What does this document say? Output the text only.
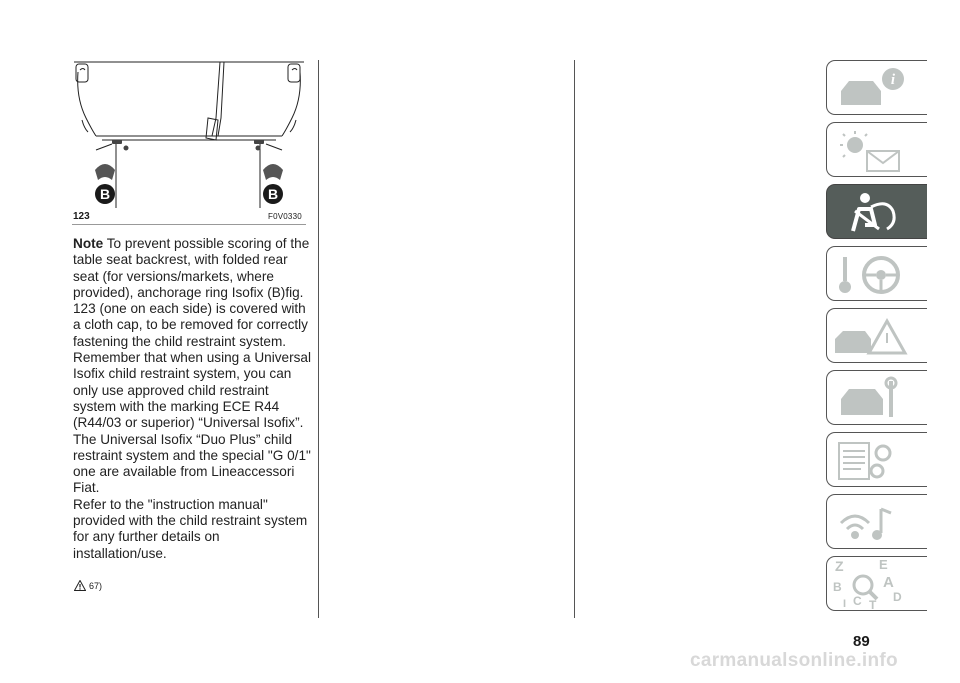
B	B
123	F0V0330

Note To prevent possible scoring of the table seat backrest, with folded rear seat (for versions/markets, where provided), anchorage ring Isofix (B)fig. 123 (one on each side) is covered with a cloth cap, to be removed for correctly fastening the child restraint system. Remember that when using a Universal Isofix child restraint system, you can only use approved child restraint system with the marking ECE R44 (R44/03 or superior) “Universal Isofix”.

The Universal Isofix “Duo Plus” child restraint system and the special "G 0/1" one are available from Lineaccessori Fiat.

Refer to the "instruction manual" provided with the child restraint system for any further details on installation/use.

67)
i
Z	E
B	A
I C T
D
89
carmanualsonline.info
